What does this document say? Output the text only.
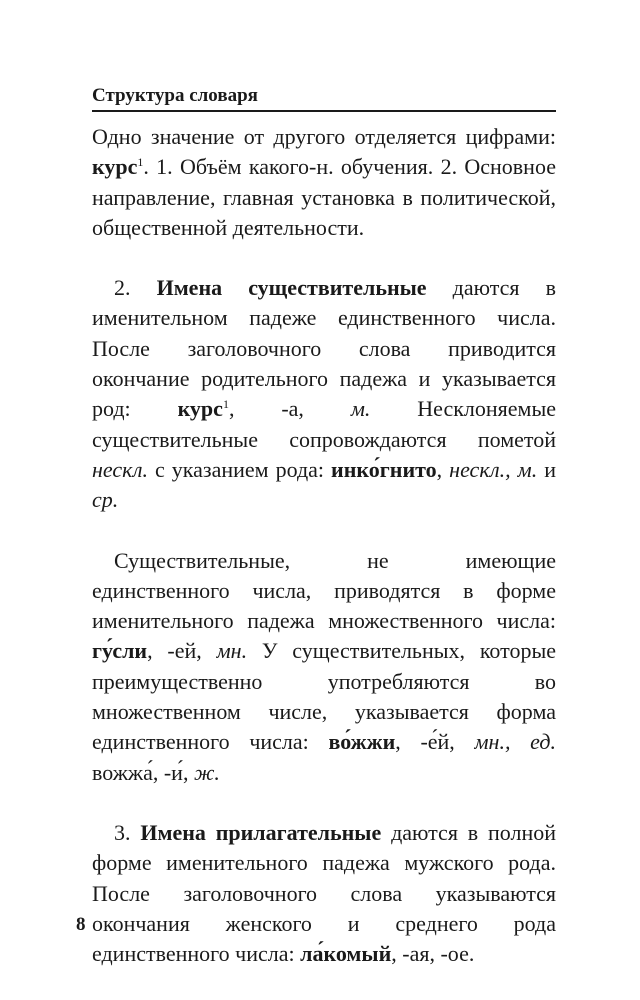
Структура словаря

Одно значение от другого отделяется цифрами: курс$^1$. 1. Объём какого-н. обучения. 2. Основное направление, главная установка в политической, общественной деятельности.

2. Имена существительные даются в именительном падеже единственного числа. После заголовочного слова приводится окончание родительного падежа и указывается род: курс$^1$, -а, м. Несклоняемые существительные сопровождаются пометой нескл. с указанием рода: инко́гнито, нескл., м. и ср.

Существительные, не имеющие единственного числа, приводятся в форме именительного падежа множественного числа: гу́сли, -ей, мн. У существительных, которые преимущественно употребляются во множественном числе, указывается форма единственного числа: во́жжи, -е́й, мн., ед. вожжа́, -и́, ж.

3. Имена прилагательные даются в полной форме именительного падежа мужского рода. После заголовочного слова указываются окончания женского и среднего рода единственного числа: ла́комый, -ая, -ое.

8
